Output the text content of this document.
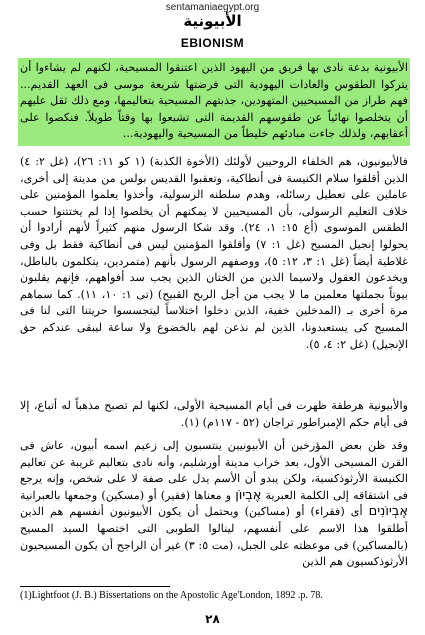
sentamaniaegypt.org
الأبيونية
EBIONISM
الأبيونية بدعة نادى بها فريق من اليهود الذين اعتنقوا المسيحية، لكنهم لم يشاءوا أن يتركوا الطقوس والعادات اليهودية التى فرضتها شريعة موسى فى العهد القديم... فهم طراز من المسيحيين المتهودين، جذبتهم المسيحية بتعاليمها، ومع ذلك ثقل عليهم أن يتخلصوا نهائياً عن طقوسهم القديمة التى تشبعوا بها وقتاً طويلاً. فنكصوا على أعقابهم، ولذلك جاءت مبادئهم خليطاً من المسيحية واليهودية...
فالأبيونيون، هم الخلفاء الروحيين لأولئك (الأخوة الكذبة) (١ كو ١١: ٢٦)، (غل ٢: ٤) الذين أقلقوا سلام الكنيسة فى أنطاكية، وتعقبوا القديس بولس من مدينة إلى أخرى، عاملين على تعطيل رسائله، وهدم سلطنه الرسولية، وأخذوا يعلموا المؤمنين على خلاف التعليم الرسولى، بأن المسيحيين لا يمكنهم أن يخلصوا إذا لم يختتنوا حسب الطقس الموسوى (أع ١٥: ١، ٢٤). وقد شكا الرسول منهم كثيراً لأنهم أرادوا أن يحولوا إنجيل المسيح (غل ١: ٧) وأقلقوا المؤمنين ليس فى أنطاكية فقط بل وفى غلاطية أيضاً (غل ١: ٣، ١٢: ٥)، ووصفهم الرسول بأنهم (متمردين، يتكلمون بالباطل، ويخدعون العقول ولاسيما الذين من الختان الذين يجب سد أفواههم، فإنهم يقلبون بيوتاً بجملتها معلمين ما لا يجب من أجل الربح القبيح) (تى ١: ١٠، ١١). كما سماهم مرة أخرى بـ (المدخلين خفية، الذين دخلوا اختلاساً ليتجسسوا حريتنا التى لنا فى المسيح كى يستعبدونا، الذين لم نذعن لهم بالخضوع ولا ساعة ليبقى عندكم حق الإنجيل) (غل ٢: ٤، ٥).
والأبيونية هرطقة ظهرت فى أيام المسيحية الأولى، لكنها لم تصبح مذهباً له أتباع، إلا فى أيام حكم الإمبراطور تراجان (٥٢ - ١١٧م) (١).
وقد ظن بعض المؤرخين أن الأبيونيين ينتسبون إلى زعيم اسمه أبيون، عاش فى القرن المسيحى الأول، بعد خراب مدينة أورشليم، وأنه نادى بتعاليم غريبة عن تعاليم الكنيسة الأرثوذكسية، ولكن يبدو أن الأسم يدل على صفة لا على شخص، وإنه يرجع فى اشتقاقه إلى الكلمة العبرية אֶבְיוֹן و معناها (فقير) أو (مسكين) وجمعها بالعبرانية אֶבְיוֹנִים أى (فقراء) أو (مساكين) ويحتمل أن يكون الأبيونيون أنفسهم هم الذين أطلقوا هذا الاسم على أنفسهم، لينالوا الطوبى التى اختصها السيد المسيح (بالمساكين) فى موعظته على الجبل، (مت ٥: ٣) غير أن الراجح أن يكون المسيحيون الأرثوذكسيون هم الذين
(1)Lightfoot (J. B.) Bissertations on the Apostolic Age'London, 1892 .p. 78.
٢٨
